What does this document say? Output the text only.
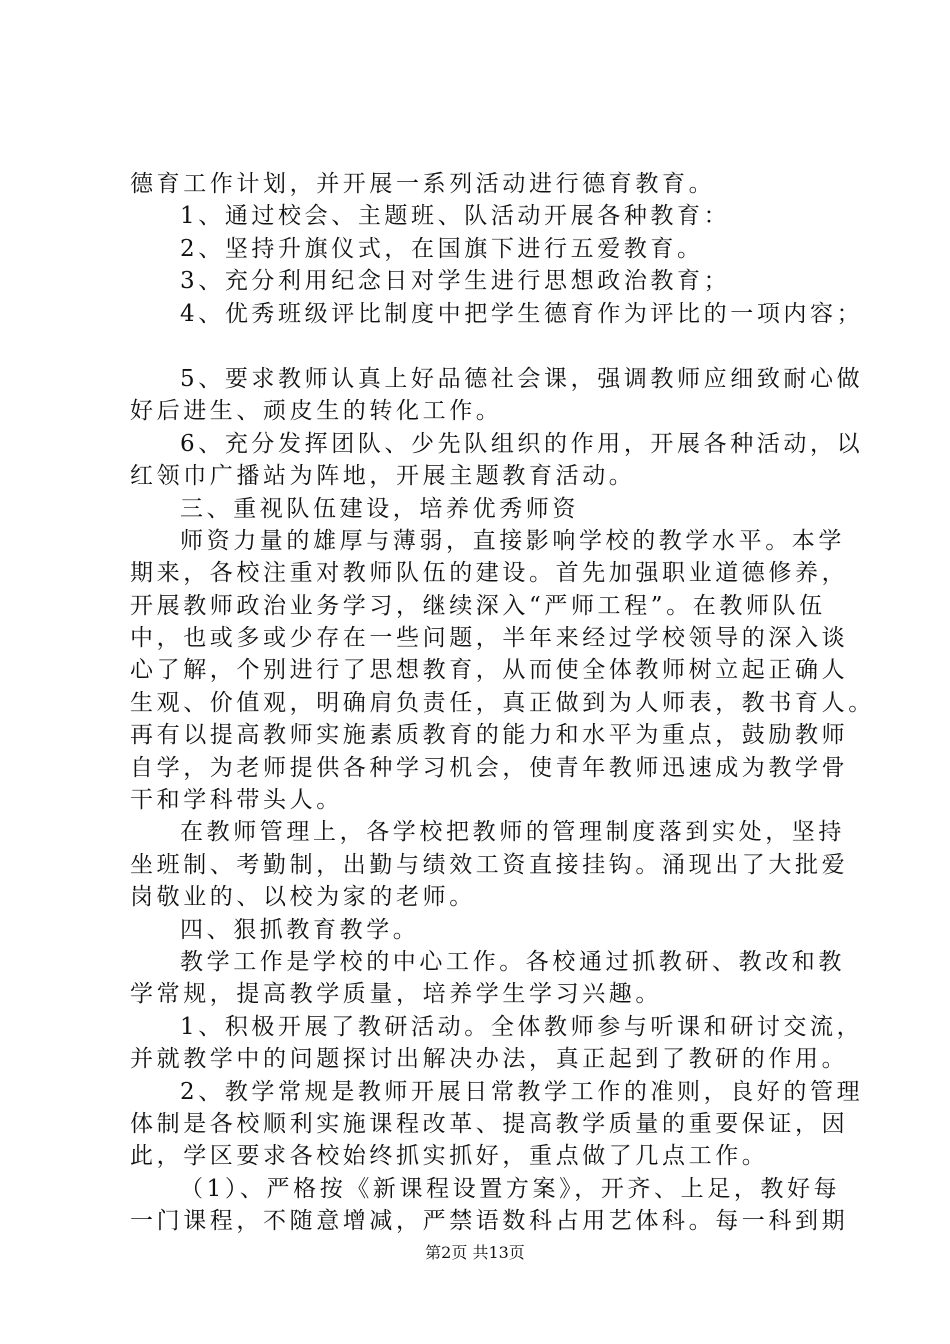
德育工作计划，并开展一系列活动进行德育教育。
1、通过校会、主题班、队活动开展各种教育：
2、坚持升旗仪式，在国旗下进行五爱教育。
3、充分利用纪念日对学生进行思想政治教育；
4、优秀班级评比制度中把学生德育作为评比的一项内容；
5、要求教师认真上好品德社会课，强调教师应细致耐心做
好后进生、顽皮生的转化工作。
6、充分发挥团队、少先队组织的作用，开展各种活动，以
红领巾广播站为阵地，开展主题教育活动。
三、重视队伍建设，培养优秀师资
师资力量的雄厚与薄弱，直接影响学校的教学水平。本学
期来，各校注重对教师队伍的建设。首先加强职业道德修养，
开展教师政治业务学习，继续深入“严师工程”。在教师队伍
中，也或多或少存在一些问题，半年来经过学校领导的深入谈
心了解，个别进行了思想教育，从而使全体教师树立起正确人
生观、价值观，明确肩负责任，真正做到为人师表，教书育人。
再有以提高教师实施素质教育的能力和水平为重点，鼓励教师
自学，为老师提供各种学习机会，使青年教师迅速成为教学骨
干和学科带头人。
在教师管理上，各学校把教师的管理制度落到实处，坚持
坐班制、考勤制，出勤与绩效工资直接挂钩。涌现出了大批爱
岗敬业的、以校为家的老师。
四、狠抓教育教学。
教学工作是学校的中心工作。各校通过抓教研、教改和教
学常规，提高教学质量，培养学生学习兴趣。
1、积极开展了教研活动。全体教师参与听课和研讨交流，
并就教学中的问题探讨出解决办法，真正起到了教研的作用。
2、教学常规是教师开展日常教学工作的准则，良好的管理
体制是各校顺利实施课程改革、提高教学质量的重要保证，因
此，学区要求各校始终抓实抓好，重点做了几点工作。
（1）、严格按《新课程设置方案》，开齐、上足，教好每
一门课程，不随意增减，严禁语数科占用艺体科。每一科到期
第2页 共13页
